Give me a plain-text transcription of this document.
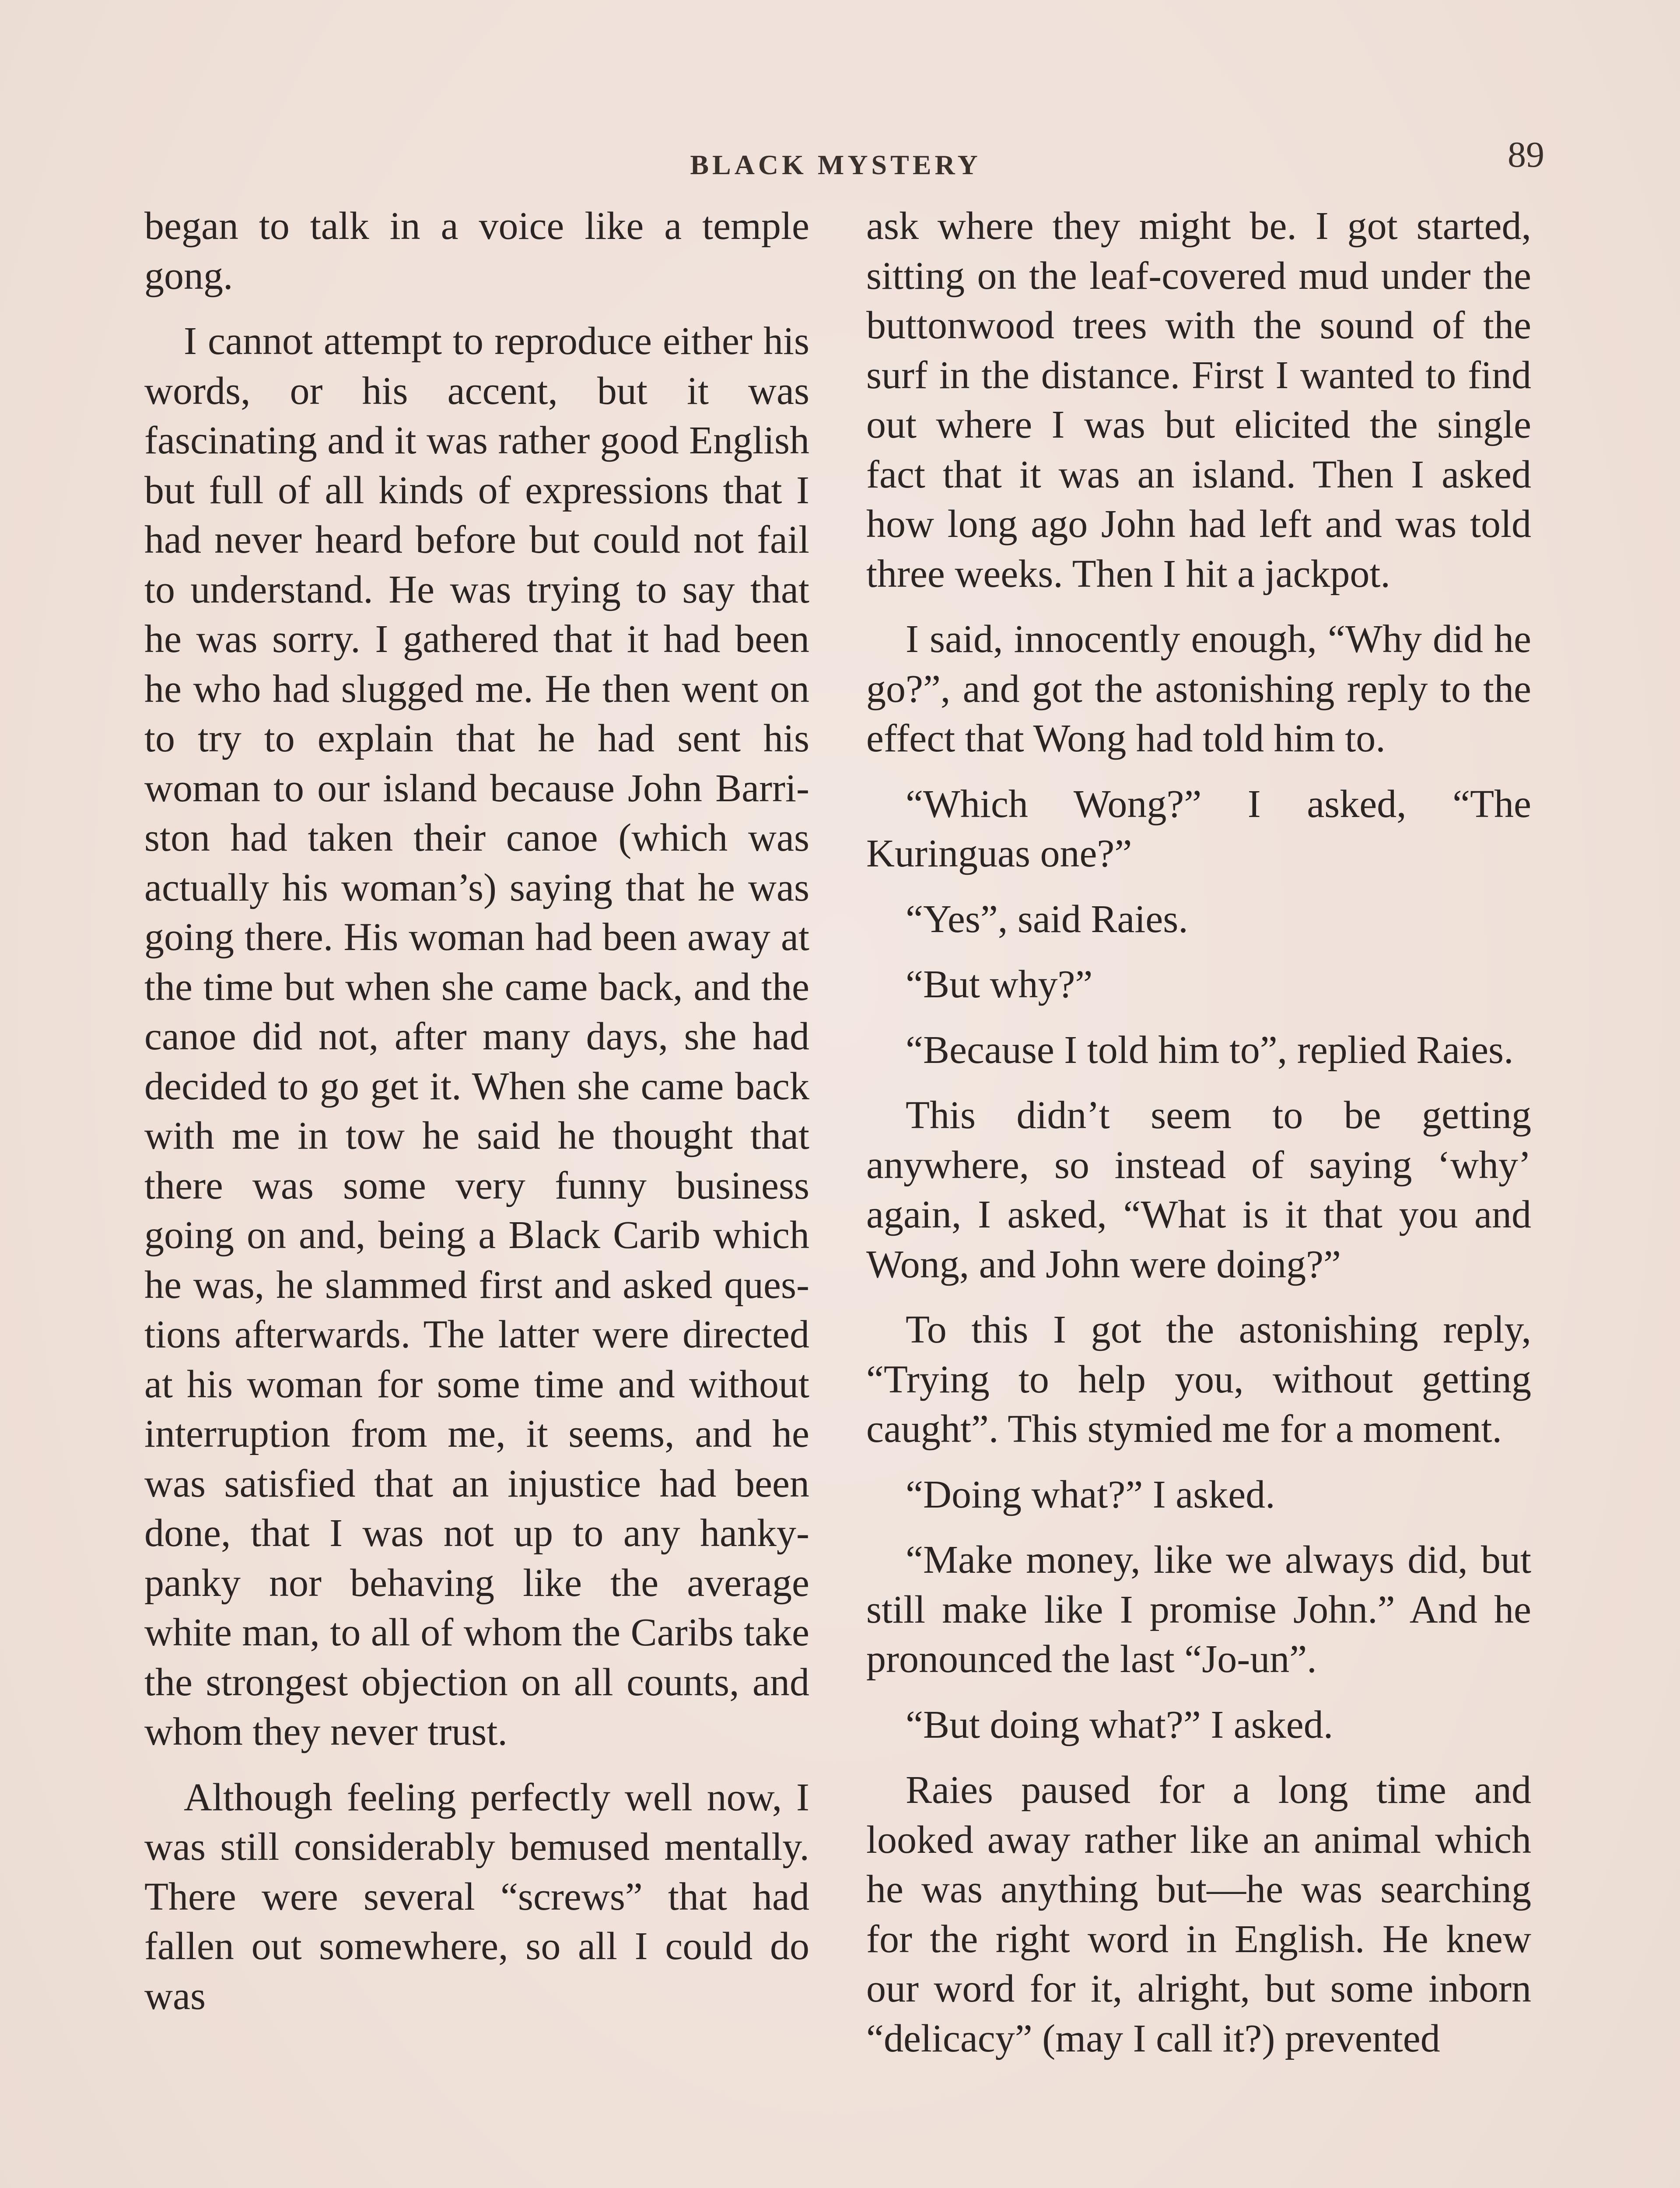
BLACK MYSTERY	89

began to talk in a voice like a temple gong.

I cannot attempt to reproduce either his words, or his accent, but it was fascinating and it was rather good English but full of all kinds of expressions that I had never heard before but could not fail to understand. He was trying to say that he was sorry. I gathered that it had been he who had slugged me. He then went on to try to explain that he had sent his woman to our island because John Barriston had taken their canoe (which was actually his woman’s) saying that he was going there. His woman had been away at the time but when she came back, and the canoe did not, after many days, she had decided to go get it. When she came back with me in tow he said he thought that there was some very funny business going on and, being a Black Carib which he was, he slammed first and asked questions afterwards. The latter were directed at his woman for some time and without interruption from me, it seems, and he was satisfied that an injustice had been done, that I was not up to any hanky-panky nor behaving like the average white man, to all of whom the Caribs take the strongest objection on all counts, and whom they never trust.

Although feeling perfectly well now, I was still considerably bemused mentally. There were several “screws” that had fallen out somewhere, so all I could do was

ask where they might be. I got started, sitting on the leaf-covered mud under the buttonwood trees with the sound of the surf in the distance. First I wanted to find out where I was but elicited the single fact that it was an island. Then I asked how long ago John had left and was told three weeks. Then I hit a jackpot.

I said, innocently enough, “Why did he go?”, and got the astonishing reply to the effect that Wong had told him to.

“Which Wong?” I asked, “The Kuringuas one?”

“Yes”, said Raies.

“But why?”

“Because I told him to”, replied Raies.

This didn’t seem to be getting anywhere, so instead of saying ‘why’ again, I asked, “What is it that you and Wong, and John were doing?”

To this I got the astonishing reply, “Trying to help you, without getting caught”. This stymied me for a moment.

“Doing what?” I asked.

“Make money, like we always did, but still make like I promise John.” And he pronounced the last “Jo-un”.

“But doing what?” I asked.

Raies paused for a long time and looked away rather like an animal which he was anything but—he was searching for the right word in English. He knew our word for it, alright, but some inborn “delicacy” (may I call it?) prevented
